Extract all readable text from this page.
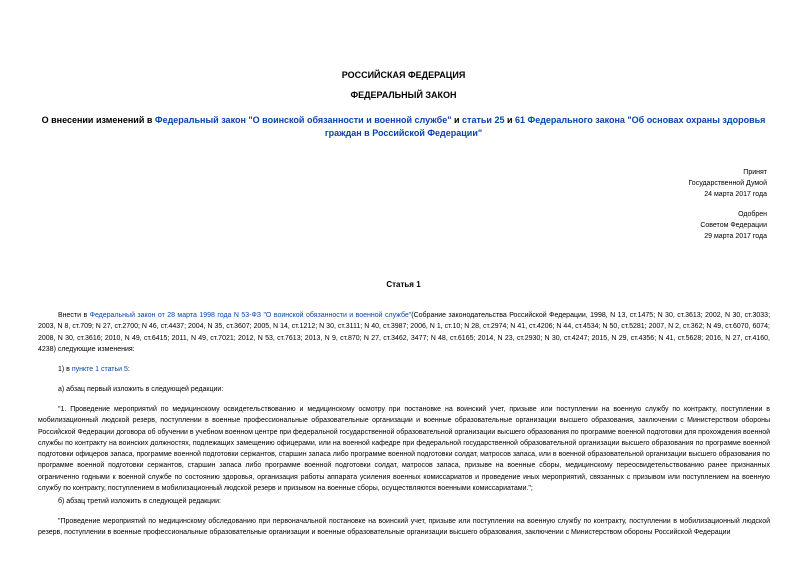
РОССИЙСКАЯ ФЕДЕРАЦИЯ
ФЕДЕРАЛЬНЫЙ ЗАКОН
О внесении изменений в Федеральный закон "О воинской обязанности и военной службе" и статьи 25 и 61 Федерального закона "Об основах охраны здоровья граждан в Российской Федерации"
Принят
Государственной Думой
24 марта 2017 года
Одобрен
Советом Федерации
29 марта 2017 года
Статья 1
Внести в Федеральный закон от 28 марта 1998 года N 53-ФЗ "О воинской обязанности и военной службе"(Собрание законодательства Российской Федерации, 1998, N 13, ст.1475; N 30, ст.3613; 2002, N 30, ст.3033; 2003, N 8, ст.709; N 27, ст.2700; N 46, ст.4437; 2004, N 35, ст.3607; 2005, N 14, ст.1212; N 30, ст.3111; N 40, ст.3987; 2006, N 1, ст.10; N 28, ст.2974; N 41, ст.4206; N 44, ст.4534; N 50, ст.5281; 2007, N 2, ст.362; N 49, ст.6070, 6074; 2008, N 30, ст.3616; 2010, N 49, ст.6415; 2011, N 49, ст.7021; 2012, N 53, ст.7613; 2013, N 9, ст.870; N 27, ст.3462, 3477; N 48, ст.6165; 2014, N 23, ст.2930; N 30, ст.4247; 2015, N 29, ст.4356; N 41, ст.5628; 2016, N 27, ст.4160, 4238) следующие изменения:
1) в пункте 1 статьи 5:
а) абзац первый изложить в следующей редакции:
"1. Проведение мероприятий по медицинскому освидетельствованию и медицинскому осмотру при постановке на воинский учет, призыве или поступлении на военную службу по контракту, поступлении в мобилизационный людской резерв, поступлении в военные профессиональные образовательные организации и военные образовательные организации высшего образования, заключении с Министерством обороны Российской Федерации договора об обучении в учебном военном центре при федеральной государственной образовательной организации высшего образования по программе военной подготовки для прохождения военной службы по контракту на воинских должностях, подлежащих замещению офицерами, или на военной кафедре при федеральной государственной образовательной организации высшего образования по программе военной подготовки офицеров запаса, программе военной подготовки сержантов, старшин запаса либо программе военной подготовки солдат, матросов запаса, или в военной образовательной организации высшего образования по программе военной подготовки сержантов, старшин запаса либо программе военной подготовки солдат, матросов запаса, призыве на военные сборы, медицинскому переосвидетельствованию ранее признанных ограниченно годными к военной службе по состоянию здоровья, организация работы аппарата усиления военных комиссариатов и проведение иных мероприятий, связанных с призывом или поступлением на военную службу по контракту, поступлением в мобилизационный людской резерв и призывом на военные сборы, осуществляются военными комиссариатами.";
б) абзац третий изложить в следующей редакции:
"Проведение мероприятий по медицинскому обследованию при первоначальной постановке на воинский учет, призыве или поступлении на военную службу по контракту, поступлении в мобилизационный людской резерв, поступлении в военные профессиональные образовательные организации и военные образовательные организации высшего образования, заключении с Министерством обороны Российской Федерации
